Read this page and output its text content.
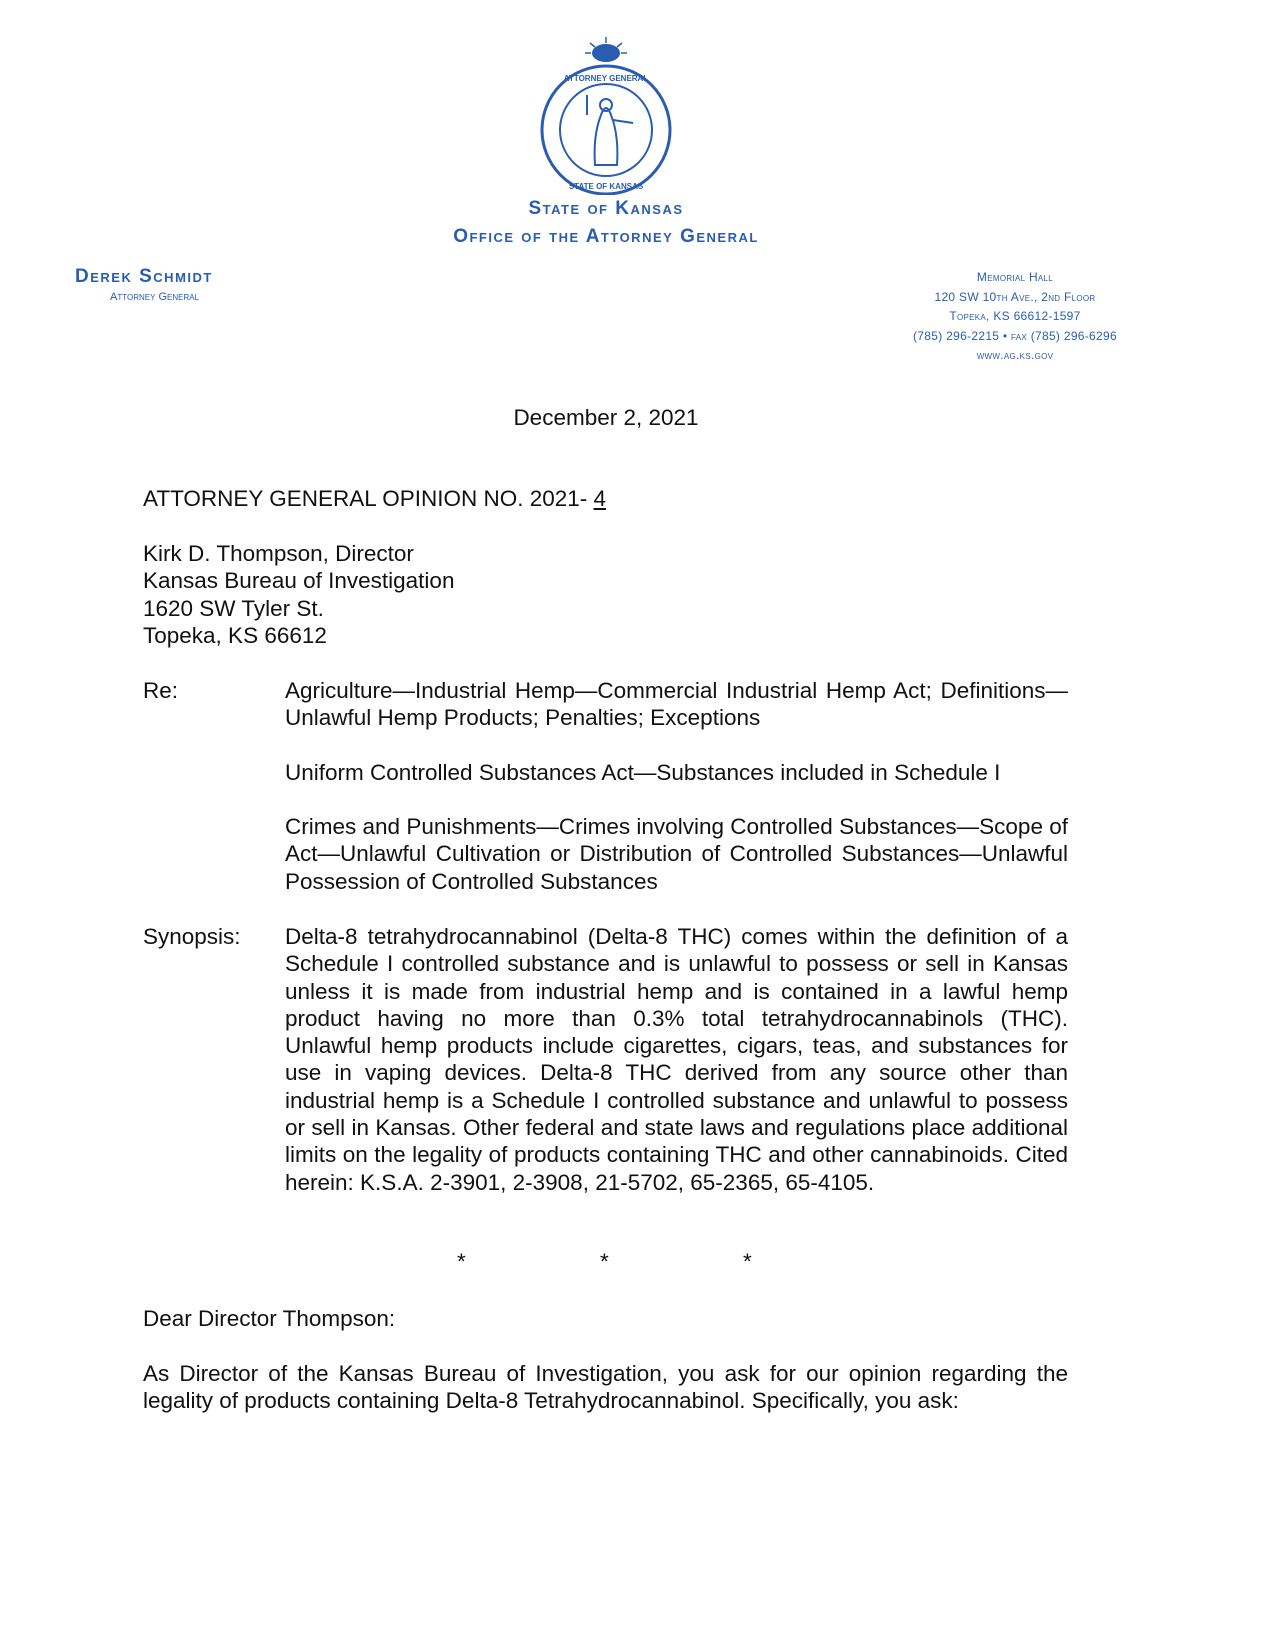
ATTORNEY GENERAL
STATE OF KANSAS
State of Kansas
Office of the Attorney General
Derek Schmidt
Attorney General
Memorial Hall
120 SW 10th Ave., 2nd Floor
Topeka, KS 66612-1597
(785) 296-2215 • fax (785) 296-6296
www.ag.ks.gov
December 2, 2021
ATTORNEY GENERAL OPINION NO. 2021- 4
Kirk D. Thompson, Director
Kansas Bureau of Investigation
1620 SW Tyler St.
Topeka, KS 66612
Re:	Agriculture—Industrial Hemp—Commercial Industrial Hemp Act; Definitions—Unlawful Hemp Products; Penalties; Exceptions
Uniform Controlled Substances Act—Substances included in Schedule I
Crimes and Punishments—Crimes involving Controlled Substances—Scope of Act—Unlawful Cultivation or Distribution of Controlled Substances—Unlawful Possession of Controlled Substances
Synopsis: Delta-8 tetrahydrocannabinol (Delta-8 THC) comes within the definition of a Schedule I controlled substance and is unlawful to possess or sell in Kansas unless it is made from industrial hemp and is contained in a lawful hemp product having no more than 0.3% total tetrahydrocannabinols (THC). Unlawful hemp products include cigarettes, cigars, teas, and substances for use in vaping devices. Delta-8 THC derived from any source other than industrial hemp is a Schedule I controlled substance and unlawful to possess or sell in Kansas. Other federal and state laws and regulations place additional limits on the legality of products containing THC and other cannabinoids. Cited herein: K.S.A. 2-3901, 2-3908, 21-5702, 65-2365, 65-4105.
*	*	*
Dear Director Thompson:
As Director of the Kansas Bureau of Investigation, you ask for our opinion regarding the legality of products containing Delta-8 Tetrahydrocannabinol. Specifically, you ask:
